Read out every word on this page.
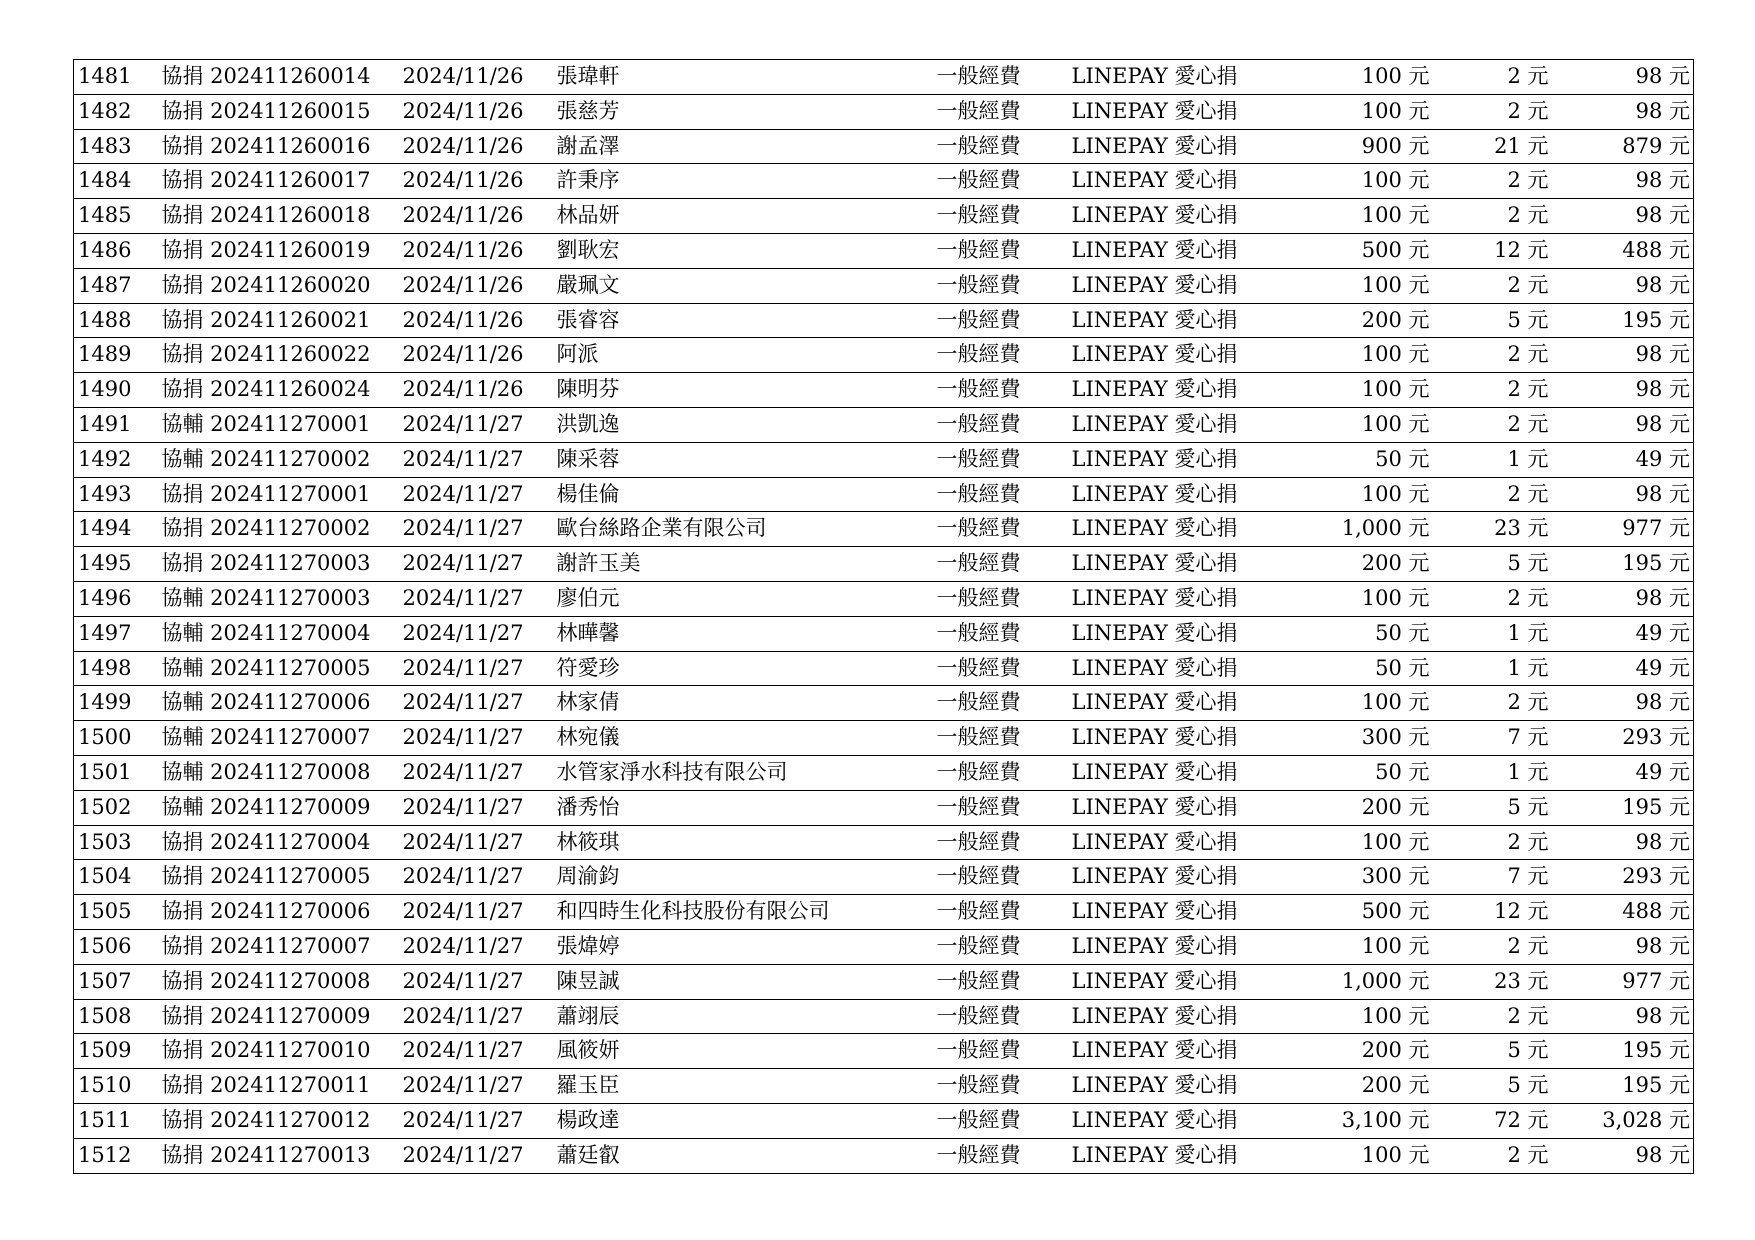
1481	協捐 202411260014	2024/11/26	張瑋軒	一般經費	LINEPAY 愛心捐	100 元	2 元	98 元
1482	協捐 202411260015	2024/11/26	張慈芳	一般經費	LINEPAY 愛心捐	100 元	2 元	98 元
1483	協捐 202411260016	2024/11/26	謝孟澤	一般經費	LINEPAY 愛心捐	900 元	21 元	879 元
1484	協捐 202411260017	2024/11/26	許秉序	一般經費	LINEPAY 愛心捐	100 元	2 元	98 元
1485	協捐 202411260018	2024/11/26	林品妍	一般經費	LINEPAY 愛心捐	100 元	2 元	98 元
1486	協捐 202411260019	2024/11/26	劉耿宏	一般經費	LINEPAY 愛心捐	500 元	12 元	488 元
1487	協捐 202411260020	2024/11/26	嚴珮文	一般經費	LINEPAY 愛心捐	100 元	2 元	98 元
1488	協捐 202411260021	2024/11/26	張睿容	一般經費	LINEPAY 愛心捐	200 元	5 元	195 元
1489	協捐 202411260022	2024/11/26	阿派	一般經費	LINEPAY 愛心捐	100 元	2 元	98 元
1490	協捐 202411260024	2024/11/26	陳明芬	一般經費	LINEPAY 愛心捐	100 元	2 元	98 元
1491	協輔 202411270001	2024/11/27	洪凱逸	一般經費	LINEPAY 愛心捐	100 元	2 元	98 元
1492	協輔 202411270002	2024/11/27	陳采蓉	一般經費	LINEPAY 愛心捐	50 元	1 元	49 元
1493	協捐 202411270001	2024/11/27	楊佳倫	一般經費	LINEPAY 愛心捐	100 元	2 元	98 元
1494	協捐 202411270002	2024/11/27	歐台絲路企業有限公司	一般經費	LINEPAY 愛心捐	1,000 元	23 元	977 元
1495	協捐 202411270003	2024/11/27	謝許玉美	一般經費	LINEPAY 愛心捐	200 元	5 元	195 元
1496	協輔 202411270003	2024/11/27	廖伯元	一般經費	LINEPAY 愛心捐	100 元	2 元	98 元
1497	協輔 202411270004	2024/11/27	林曄馨	一般經費	LINEPAY 愛心捐	50 元	1 元	49 元
1498	協輔 202411270005	2024/11/27	符愛珍	一般經費	LINEPAY 愛心捐	50 元	1 元	49 元
1499	協輔 202411270006	2024/11/27	林家倩	一般經費	LINEPAY 愛心捐	100 元	2 元	98 元
1500	協輔 202411270007	2024/11/27	林宛儀	一般經費	LINEPAY 愛心捐	300 元	7 元	293 元
1501	協輔 202411270008	2024/11/27	水管家淨水科技有限公司	一般經費	LINEPAY 愛心捐	50 元	1 元	49 元
1502	協輔 202411270009	2024/11/27	潘秀怡	一般經費	LINEPAY 愛心捐	200 元	5 元	195 元
1503	協捐 202411270004	2024/11/27	林筱琪	一般經費	LINEPAY 愛心捐	100 元	2 元	98 元
1504	協捐 202411270005	2024/11/27	周渝鈞	一般經費	LINEPAY 愛心捐	300 元	7 元	293 元
1505	協捐 202411270006	2024/11/27	和四時生化科技股份有限公司	一般經費	LINEPAY 愛心捐	500 元	12 元	488 元
1506	協捐 202411270007	2024/11/27	張煒婷	一般經費	LINEPAY 愛心捐	100 元	2 元	98 元
1507	協捐 202411270008	2024/11/27	陳昱誠	一般經費	LINEPAY 愛心捐	1,000 元	23 元	977 元
1508	協捐 202411270009	2024/11/27	蕭翊辰	一般經費	LINEPAY 愛心捐	100 元	2 元	98 元
1509	協捐 202411270010	2024/11/27	風筱妍	一般經費	LINEPAY 愛心捐	200 元	5 元	195 元
1510	協捐 202411270011	2024/11/27	羅玉臣	一般經費	LINEPAY 愛心捐	200 元	5 元	195 元
1511	協捐 202411270012	2024/11/27	楊政達	一般經費	LINEPAY 愛心捐	3,100 元	72 元	3,028 元
1512	協捐 202411270013	2024/11/27	蕭廷叡	一般經費	LINEPAY 愛心捐	100 元	2 元	98 元
